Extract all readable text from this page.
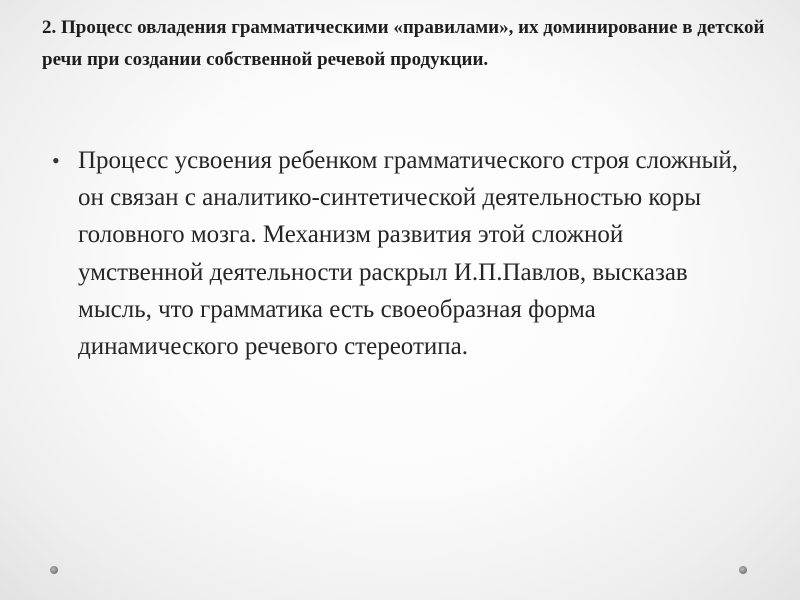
2. Процесс овладения грамматическими «правилами», их доминирование в детской речи при создании собственной речевой продукции.
• Процесс усвоения ребенком грамматического строя сложный, он связан с аналитико-синтетической деятельностью коры головного мозга. Механизм развития этой сложной умственной деятельности раскрыл И.П.Павлов, высказав мысль, что грамматика есть своеобразная форма динамического речевого стереотипа.
